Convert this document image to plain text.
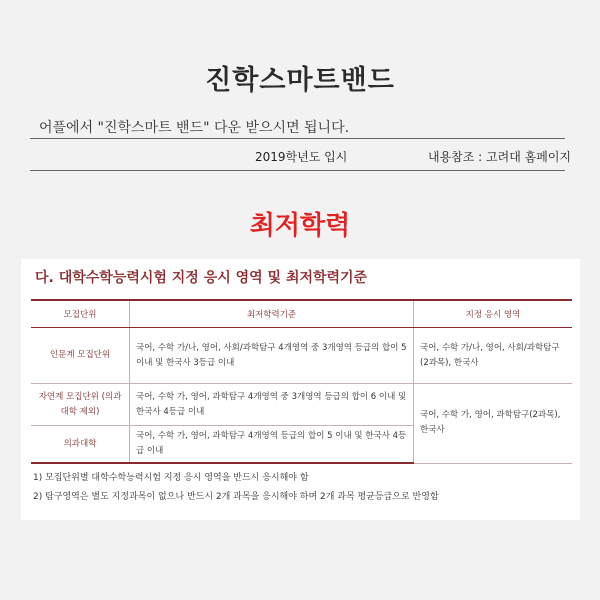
진학스마트밴드
어플에서 "진학스마트 밴드" 다운 받으시면 됩니다.
2019학년도 입시	내용참조 : 고려대 홈페이지
최저학력
다. 대학수학능력시험 지정 응시 영역 및 최저학력기준
모집단위	최저학력기준	지정 응시 영역
인문계 모집단위	국어, 수학 가/나, 영어, 사회/과학탐구 4개영역 중 3개영역 등급의 합이 5 이내 및 한국사 3등급 이내	국어, 수학 가/나, 영어, 사회/과학탐구(2과목), 한국사
자연계 모집단위 (의과대학 제외)	국어, 수학 가, 영어, 과학탐구 4개영역 중 3개영역 등급의 합이 6 이내 및 한국사 4등급 이내	국어, 수학 가, 영어, 과학탐구(2과목), 한국사
의과대학	국어, 수학 가, 영어, 과학탐구 4개영역 등급의 합이 5 이내 및 한국사 4등급 이내	
1) 모집단위별 대학수학능력시험 지정 응시 영역을 반드시 응시해야 함
2) 탐구영역은 별도 지정과목이 없으나 반드시 2개 과목을 응시해야 하며 2개 과목 평균등급으로 반영함
